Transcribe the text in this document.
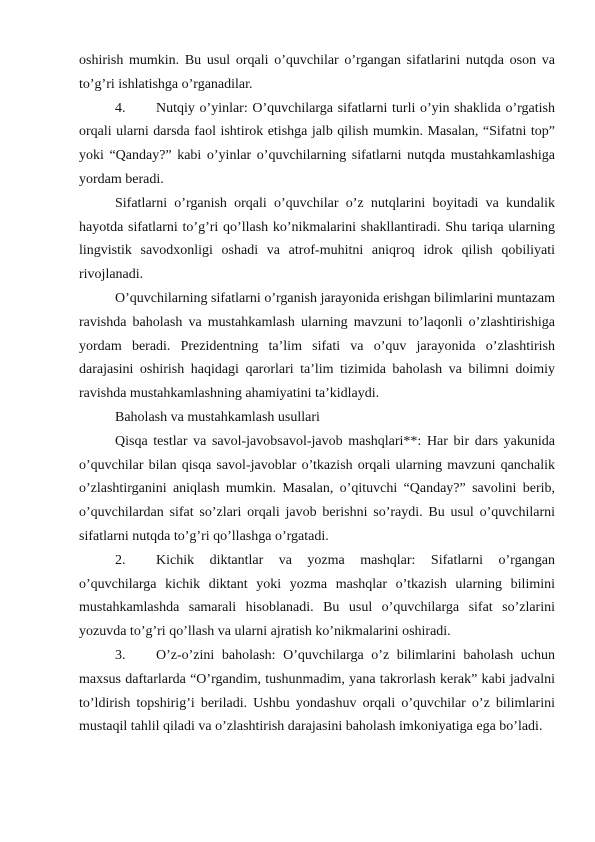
oshirish mumkin. Bu usul orqali o’quvchilar o’rgangan sifatlarini nutqda oson va to’g’ri ishlatishga o’rganadilar.

4. Nutqiy o’yinlar: O’quvchilarga sifatlarni turli o’yin shaklida o’rgatish orqali ularni darsda faol ishtirok etishga jalb qilish mumkin. Masalan, “Sifatni top” yoki “Qanday?” kabi o’yinlar o’quvchilarning sifatlarni nutqda mustahkamlashiga yordam beradi.

Sifatlarni o’rganish orqali o’quvchilar o’z nutqlarini boyitadi va kundalik hayotda sifatlarni to’g’ri qo’llash ko’nikmalarini shakllantiradi. Shu tariqa ularning lingvistik savodxonligi oshadi va atrof-muhitni aniqroq idrok qilish qobiliyati rivojlanadi.

O’quvchilarning sifatlarni o’rganish jarayonida erishgan bilimlarini muntazam ravishda baholash va mustahkamlash ularning mavzuni to’laqonli o’zlashtirishiga yordam beradi. Prezidentning ta’lim sifati va o’quv jarayonida o’zlashtirish darajasini oshirish haqidagi qarorlari ta’lim tizimida baholash va bilimni doimiy ravishda mustahkamlashning ahamiyatini ta’kidlaydi.

Baholash va mustahkamlash usullari

Qisqa testlar va savol-javobsavol-javob mashqlari**: Har bir dars yakunida o’quvchilar bilan qisqa savol-javoblar o’tkazish orqali ularning mavzuni qanchalik o’zlashtirganini aniqlash mumkin. Masalan, o’qituvchi “Qanday?” savolini berib, o’quvchilardan sifat so’zlari orqali javob berishni so’raydi. Bu usul o’quvchilarni sifatlarni nutqda to’g’ri qo’llashga o’rgatadi.

2. Kichik diktantlar va yozma mashqlar: Sifatlarni o’rgangan o’quvchilarga kichik diktant yoki yozma mashqlar o’tkazish ularning bilimini mustahkamlashda samarali hisoblanadi. Bu usul o’quvchilarga sifat so’zlarini yozuvda to’g’ri qo’llash va ularni ajratish ko’nikmalarini oshiradi.

3. O’z-o’zini baholash: O’quvchilarga o’z bilimlarini baholash uchun maxsus daftarlarda “O’rgandim, tushunmadim, yana takrorlash kerak” kabi jadvalni to’ldirish topshirig’i beriladi. Ushbu yondashuv orqali o’quvchilar o’z bilimlarini mustaqil tahlil qiladi va o’zlashtirish darajasini baholash imkoniyatiga ega bo’ladi.
